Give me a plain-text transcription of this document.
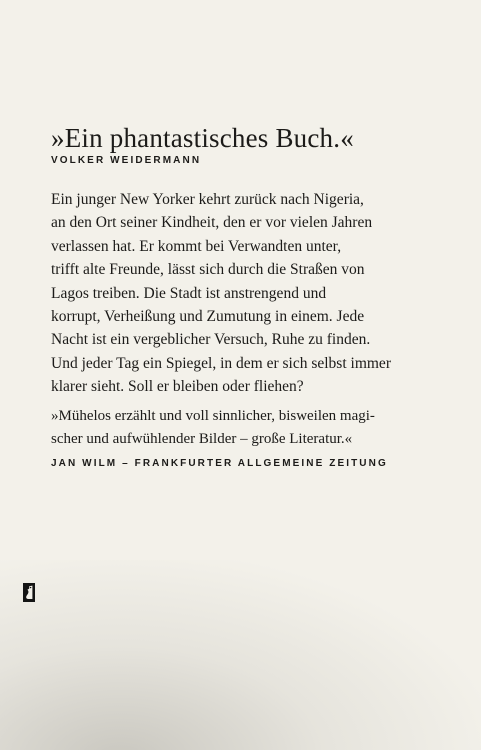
»Ein phantastisches Buch.«
VOLKER WEIDERMANN
Ein junger New Yorker kehrt zurück nach Nigeria,
an den Ort seiner Kindheit, den er vor vielen Jahren
verlassen hat. Er kommt bei Verwandten unter,
trifft alte Freunde, lässt sich durch die Straßen von
Lagos treiben. Die Stadt ist anstrengend und
korrupt, Verheißung und Zumutung in einem. Jede
Nacht ist ein vergeblicher Versuch, Ruhe zu finden.
Und jeder Tag ein Spiegel, in dem er sich selbst immer
klarer sieht. Soll er bleiben oder fliehen?
»Mühelos erzählt und voll sinnlicher, bisweilen magi-
scher und aufwühlender Bilder – große Literatur.«
JAN WILM – FRANKFURTER ALLGEMEINE ZEITUNG
